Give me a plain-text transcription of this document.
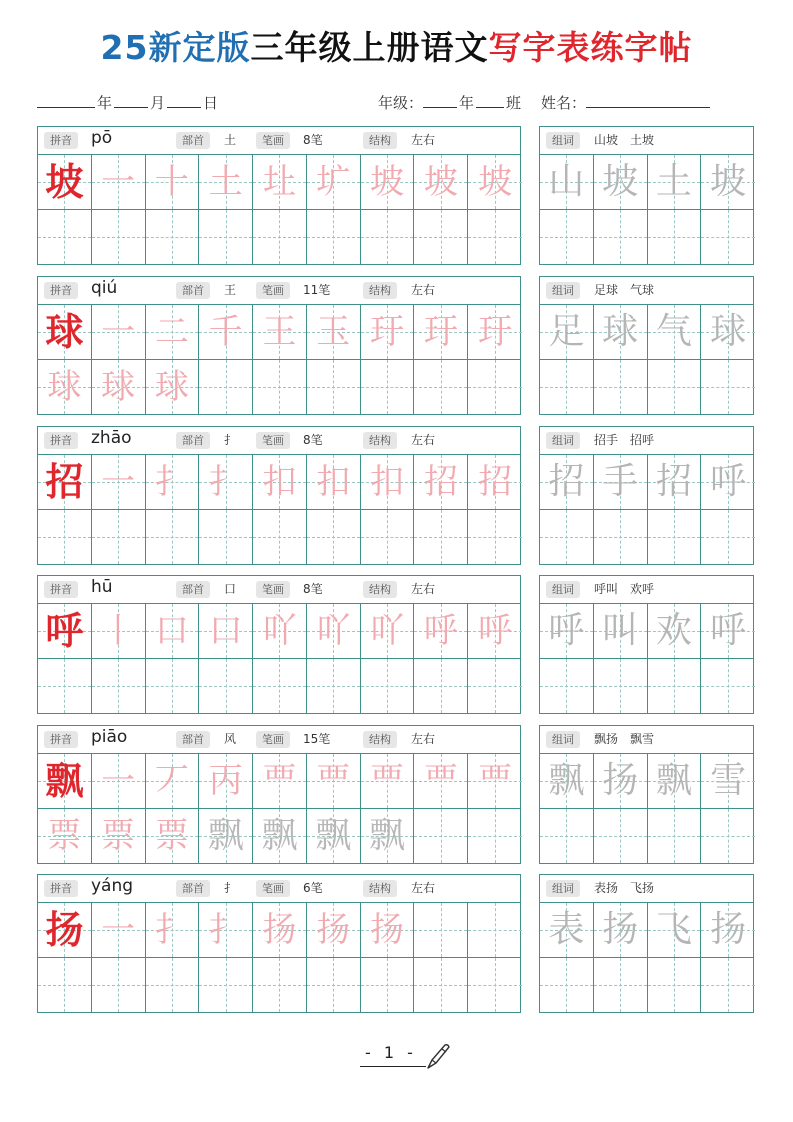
25新定版三年级上册语文写字表练字帖
年	月	日	年级： 年 班 姓名：
拼音	pō	部首	土	笔画	8笔	结构	左右
坡 一 十 土 圵 圹 坡 坡 坡
组词	山坡　土坡
山 坡 土 坡
拼音	qiú	部首	王	笔画	11笔	结构	左右
球 一 二 千 王 玉 玗 玗 玗
球 球 球
组词	足球　气球
足 球 气 球
拼音	zhāo	部首	扌	笔画	8笔	结构	左右
招 一 扌 扌 扣 扣 扣 招 招
组词	招手　招呼
招 手 招 呼
拼音	hū	部首	口	笔画	8笔	结构	左右
呼 丨 口 口 吖 吖 吖 呼 呼
组词	呼叫　欢呼
呼 叫 欢 呼
拼音	piāo	部首	风	笔画	15笔	结构	左右
飘 一 丆 丙 覀 覀 覀 覀 覀
票 票 票 飘 飘 飘 飘
组词	飘扬　飘雪
飘 扬 飘 雪
拼音	yáng	部首	扌	笔画	6笔	结构	左右
扬 一 扌 扌 扬 扬 扬
组词	表扬　飞扬
表 扬 飞 扬
- 1 -
